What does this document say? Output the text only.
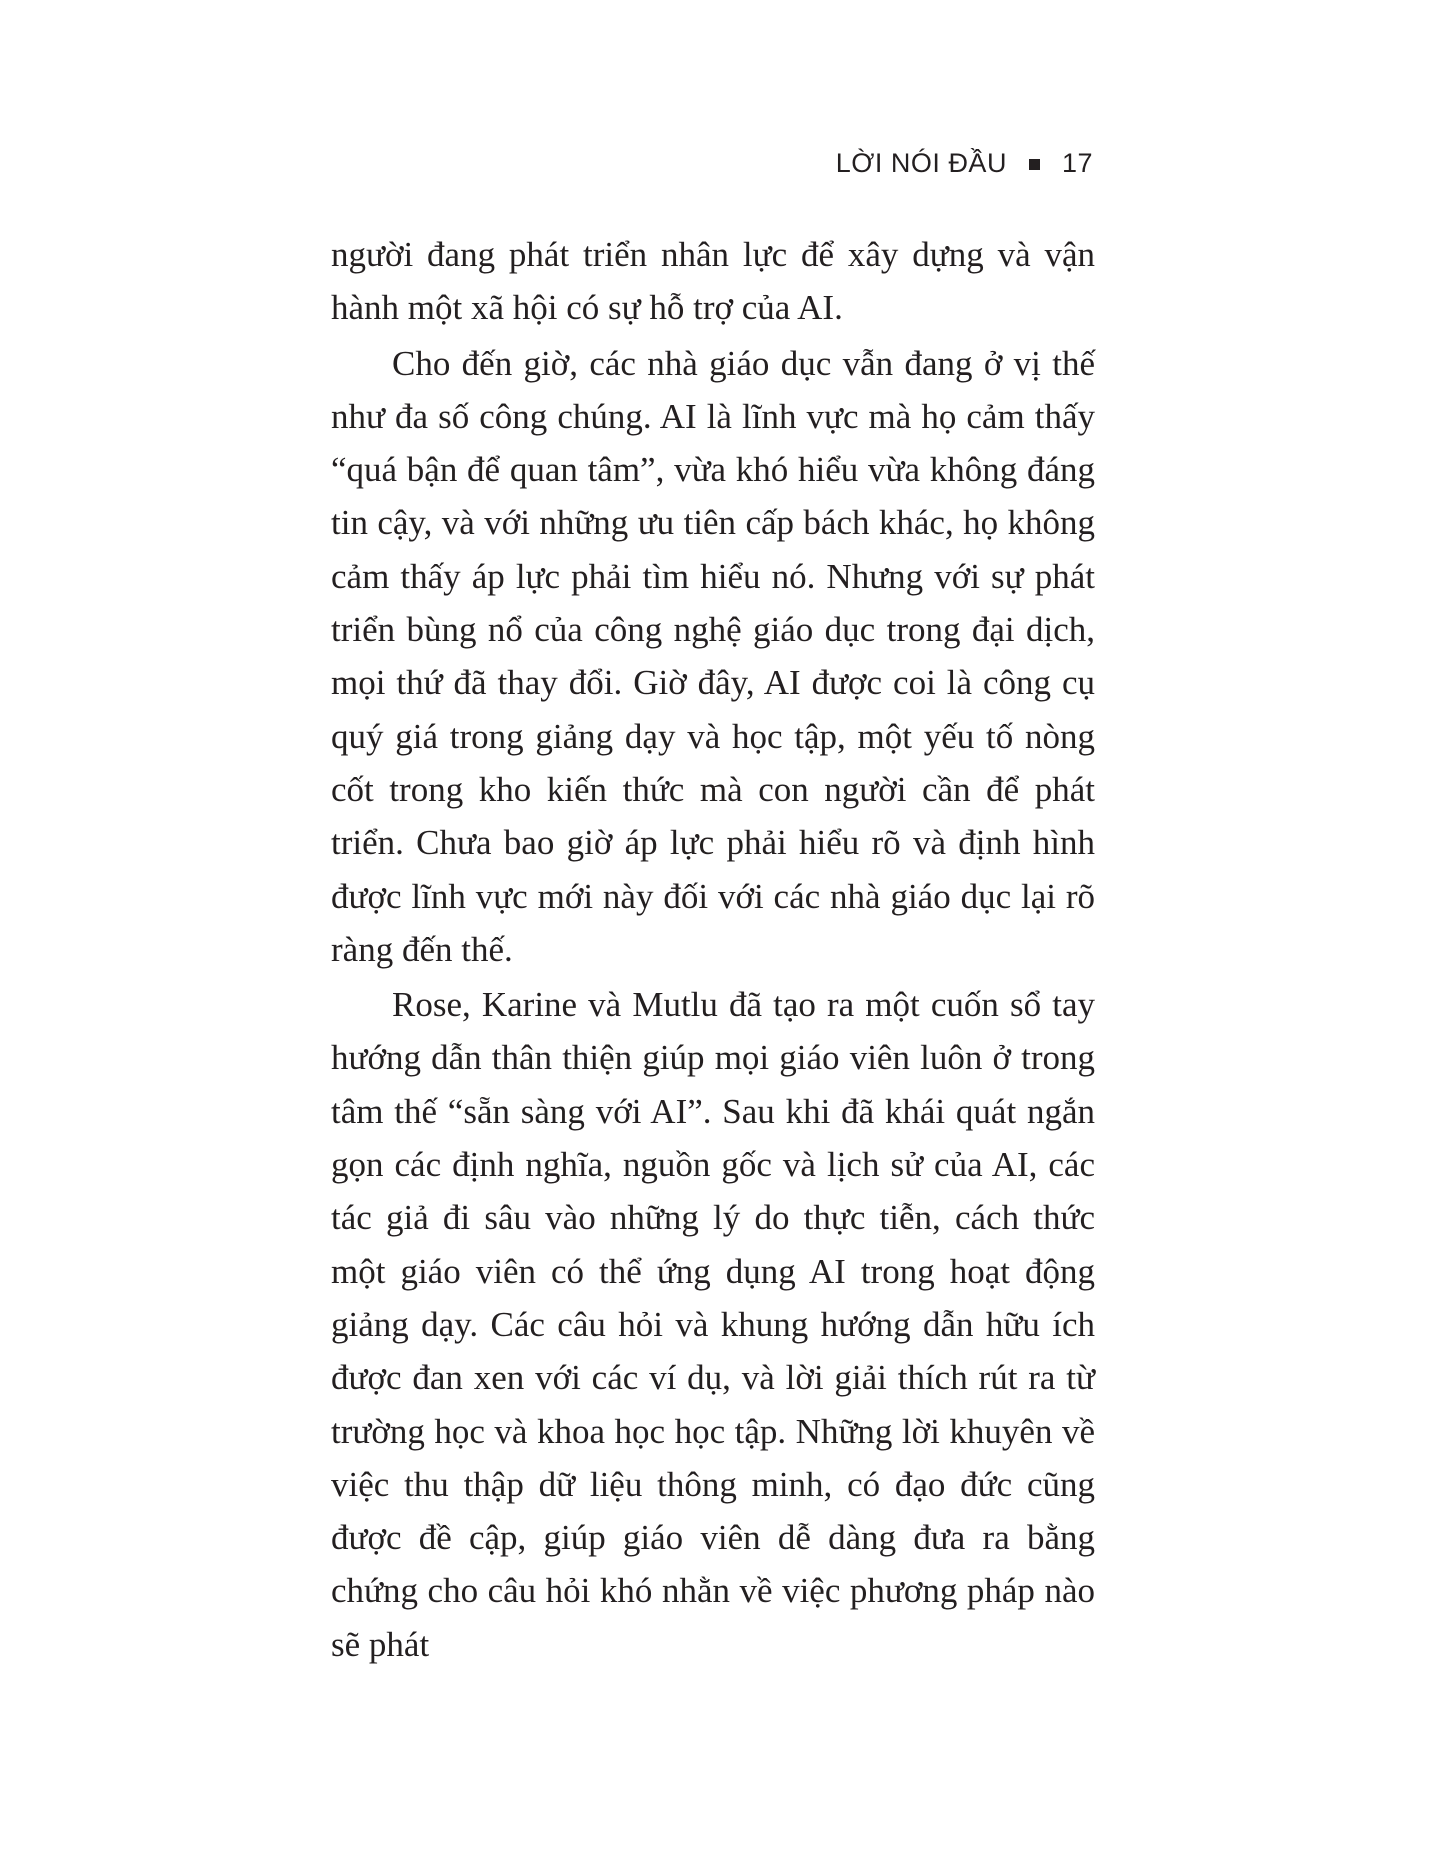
LỜI NÓI ĐẦU 17

người đang phát triển nhân lực để xây dựng và vận hành một xã hội có sự hỗ trợ của AI.

Cho đến giờ, các nhà giáo dục vẫn đang ở vị thế như đa số công chúng. AI là lĩnh vực mà họ cảm thấy “quá bận để quan tâm”, vừa khó hiểu vừa không đáng tin cậy, và với những ưu tiên cấp bách khác, họ không cảm thấy áp lực phải tìm hiểu nó. Nhưng với sự phát triển bùng nổ của công nghệ giáo dục trong đại dịch, mọi thứ đã thay đổi. Giờ đây, AI được coi là công cụ quý giá trong giảng dạy và học tập, một yếu tố nòng cốt trong kho kiến thức mà con người cần để phát triển. Chưa bao giờ áp lực phải hiểu rõ và định hình được lĩnh vực mới này đối với các nhà giáo dục lại rõ ràng đến thế.

Rose, Karine và Mutlu đã tạo ra một cuốn sổ tay hướng dẫn thân thiện giúp mọi giáo viên luôn ở trong tâm thế “sẵn sàng với AI”. Sau khi đã khái quát ngắn gọn các định nghĩa, nguồn gốc và lịch sử của AI, các tác giả đi sâu vào những lý do thực tiễn, cách thức một giáo viên có thể ứng dụng AI trong hoạt động giảng dạy. Các câu hỏi và khung hướng dẫn hữu ích được đan xen với các ví dụ, và lời giải thích rút ra từ trường học và khoa học học tập. Những lời khuyên về việc thu thập dữ liệu thông minh, có đạo đức cũng được đề cập, giúp giáo viên dễ dàng đưa ra bằng chứng cho câu hỏi khó nhằn về việc phương pháp nào sẽ phát
